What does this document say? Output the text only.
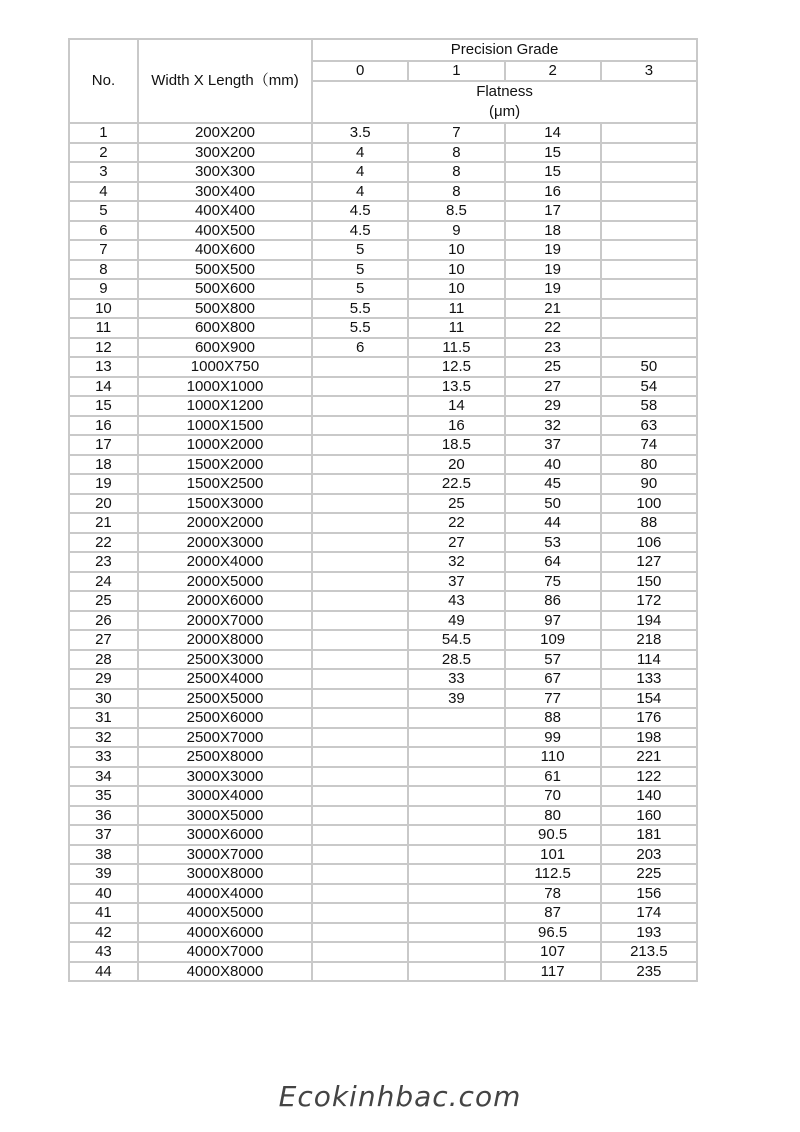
No.	Width X Length（mm)	Precision Grade			
		0	1	2	3
		Flatness			
		(μm)			
1	200X200	3.5	7	14	
2	300X200	4	8	15	
3	300X300	4	8	15	
4	300X400	4	8	16	
5	400X400	4.5	8.5	17	
6	400X500	4.5	9	18	
7	400X600	5	10	19	
8	500X500	5	10	19	
9	500X600	5	10	19	
10	500X800	5.5	11	21	
11	600X800	5.5	11	22	
12	600X900	6	11.5	23	
13	1000X750		12.5	25	50
14	1000X1000		13.5	27	54
15	1000X1200		14	29	58
16	1000X1500		16	32	63
17	1000X2000		18.5	37	74
18	1500X2000		20	40	80
19	1500X2500		22.5	45	90
20	1500X3000		25	50	100
21	2000X2000		22	44	88
22	2000X3000		27	53	106
23	2000X4000		32	64	127
24	2000X5000		37	75	150
25	2000X6000		43	86	172
26	2000X7000		49	97	194
27	2000X8000		54.5	109	218
28	2500X3000		28.5	57	114
29	2500X4000		33	67	133
30	2500X5000		39	77	154
31	2500X6000			88	176
32	2500X7000			99	198
33	2500X8000			110	221
34	3000X3000			61	122
35	3000X4000			70	140
36	3000X5000			80	160
37	3000X6000			90.5	181
38	3000X7000			101	203
39	3000X8000			112.5	225
40	4000X4000			78	156
41	4000X5000			87	174
42	4000X6000			96.5	193
43	4000X7000			107	213.5
44	4000X8000			117	235
Ecokinhbac.com
